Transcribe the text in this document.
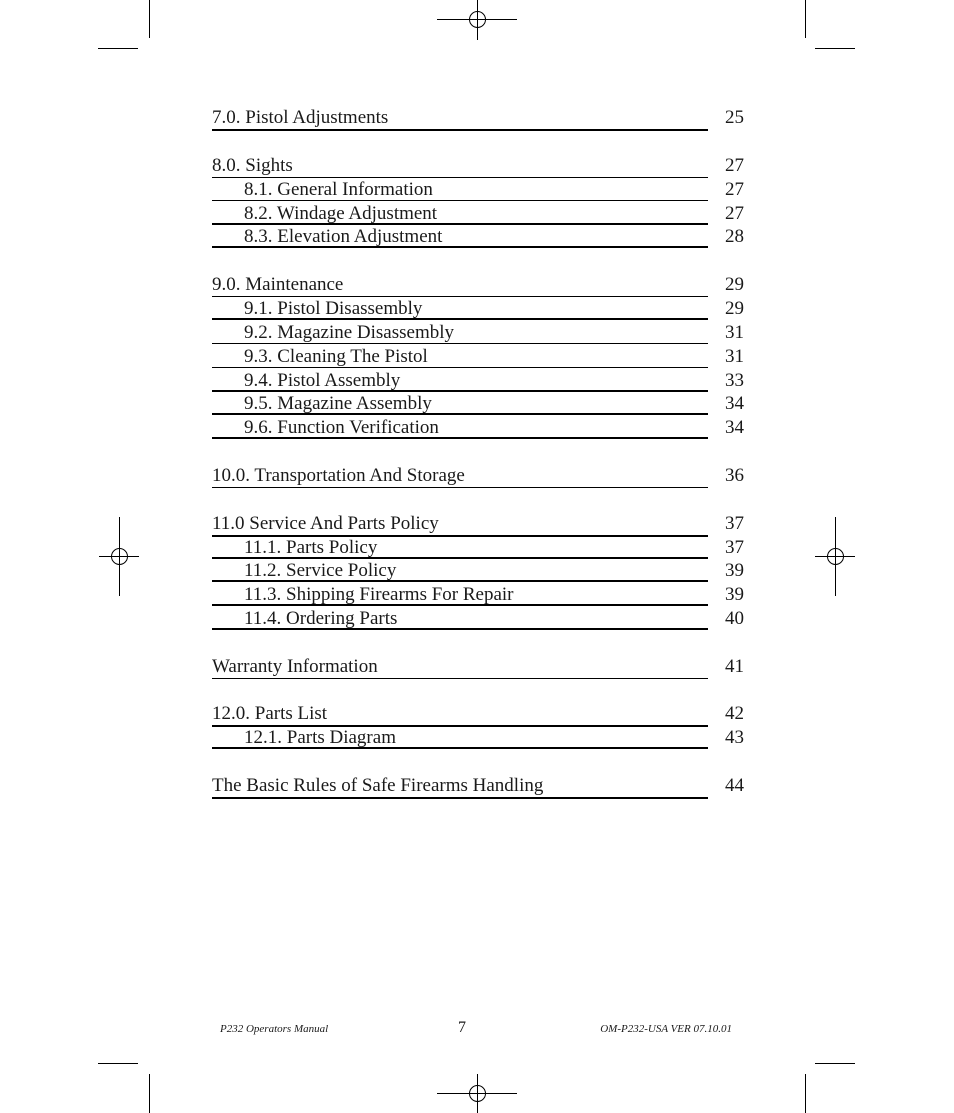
7.0. Pistol Adjustments	25
8.0. Sights	27
8.1. General Information	27
8.2. Windage Adjustment	27
8.3. Elevation Adjustment	28
9.0. Maintenance	29
9.1. Pistol Disassembly	29
9.2. Magazine Disassembly	31
9.3. Cleaning The Pistol	31
9.4. Pistol Assembly	33
9.5. Magazine Assembly	34
9.6. Function Verification	34
10.0. Transportation And Storage	36
11.0 Service And Parts Policy	37
11.1. Parts Policy	37
11.2. Service Policy	39
11.3. Shipping Firearms For Repair	39
11.4. Ordering Parts	40
Warranty Information	41
12.0. Parts List	42
12.1. Parts Diagram	43
The Basic Rules of Safe Firearms Handling	44
P232 Operators Manual	7	OM-P232-USA VER 07.10.01
